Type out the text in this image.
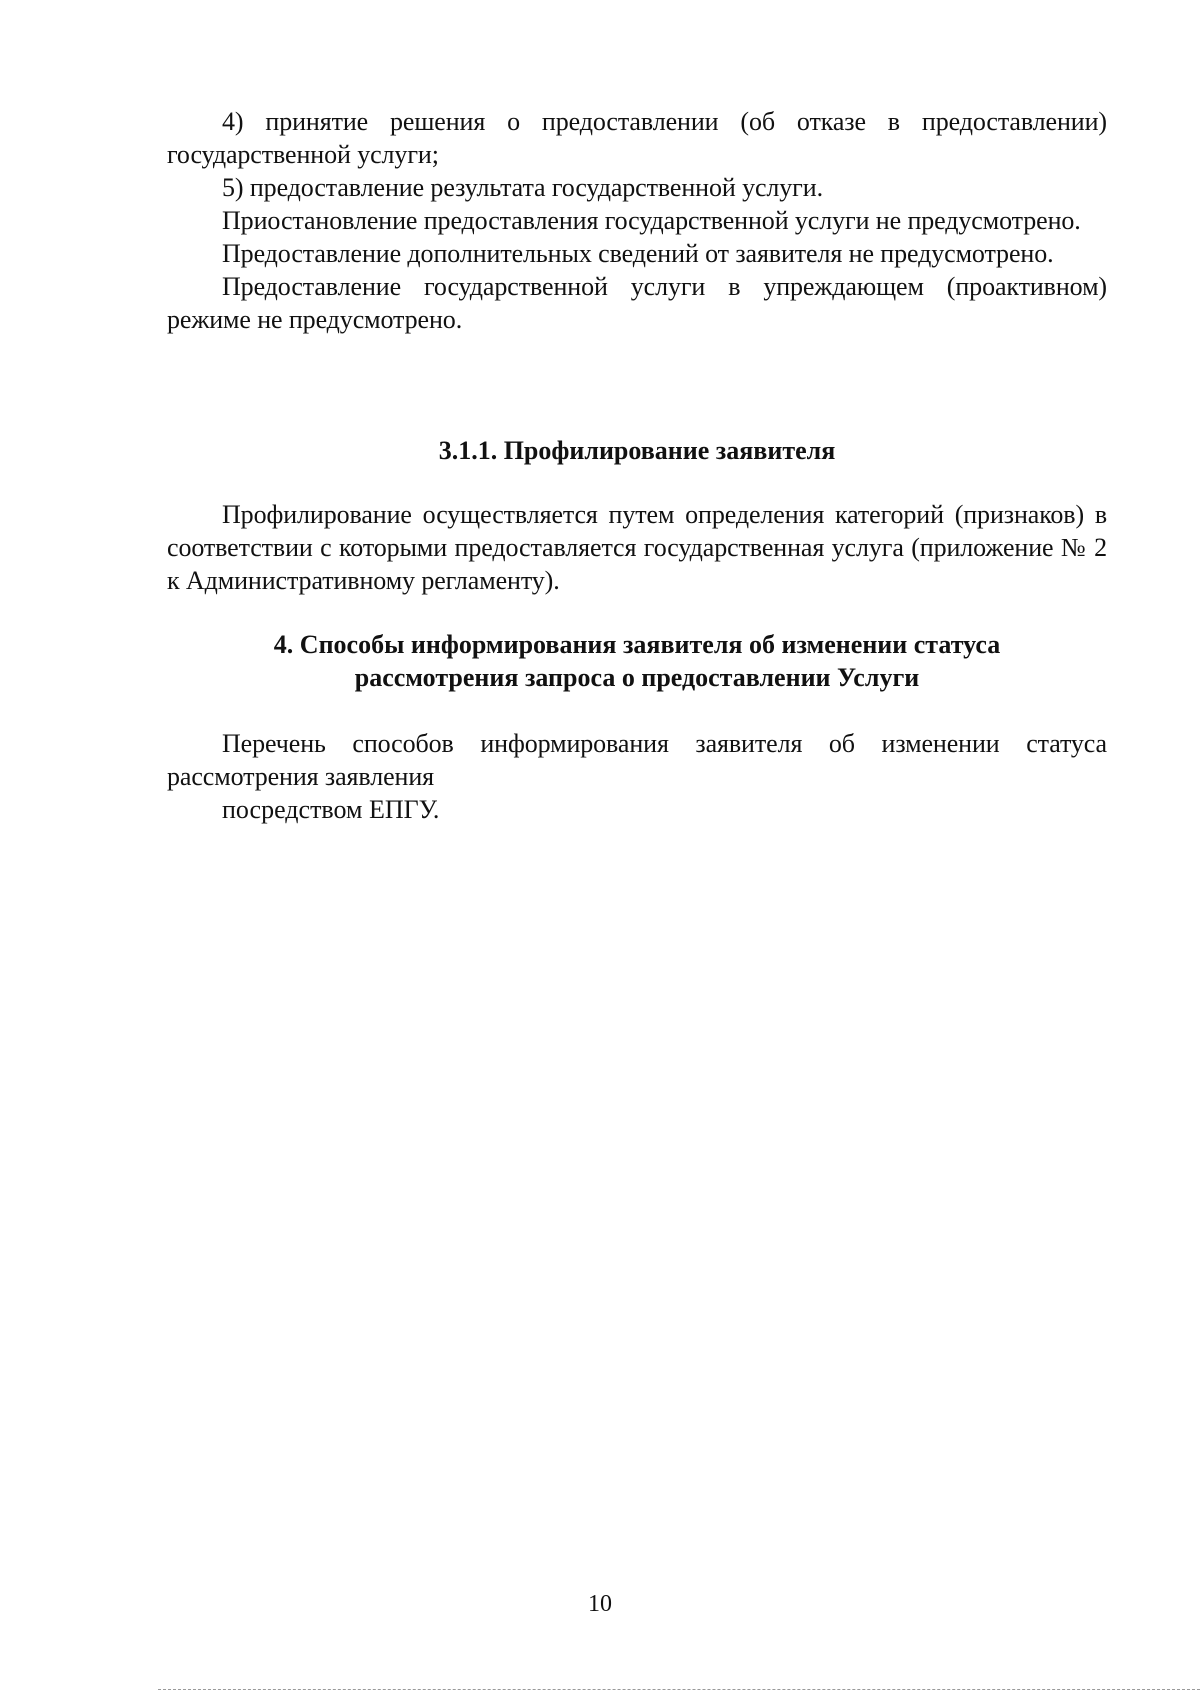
4) принятие решения о предоставлении (об отказе в предоставлении) государственной услуги;

5) предоставление результата государственной услуги.

Приостановление предоставления государственной услуги не предусмотрено.

Предоставление дополнительных сведений от заявителя не предусмотрено.

Предоставление государственной услуги в упреждающем (проактивном) режиме не предусмотрено.

3.1.1. Профилирование заявителя

Профилирование осуществляется путем определения категорий (признаков) в соответствии с которыми предоставляется государственная услуга (приложение № 2 к Административному регламенту).

4. Способы информирования заявителя об изменении статуса
рассмотрения запроса о предоставлении Услуги

Перечень способов информирования заявителя об изменении статуса рассмотрения заявления

посредством ЕПГУ.

10
